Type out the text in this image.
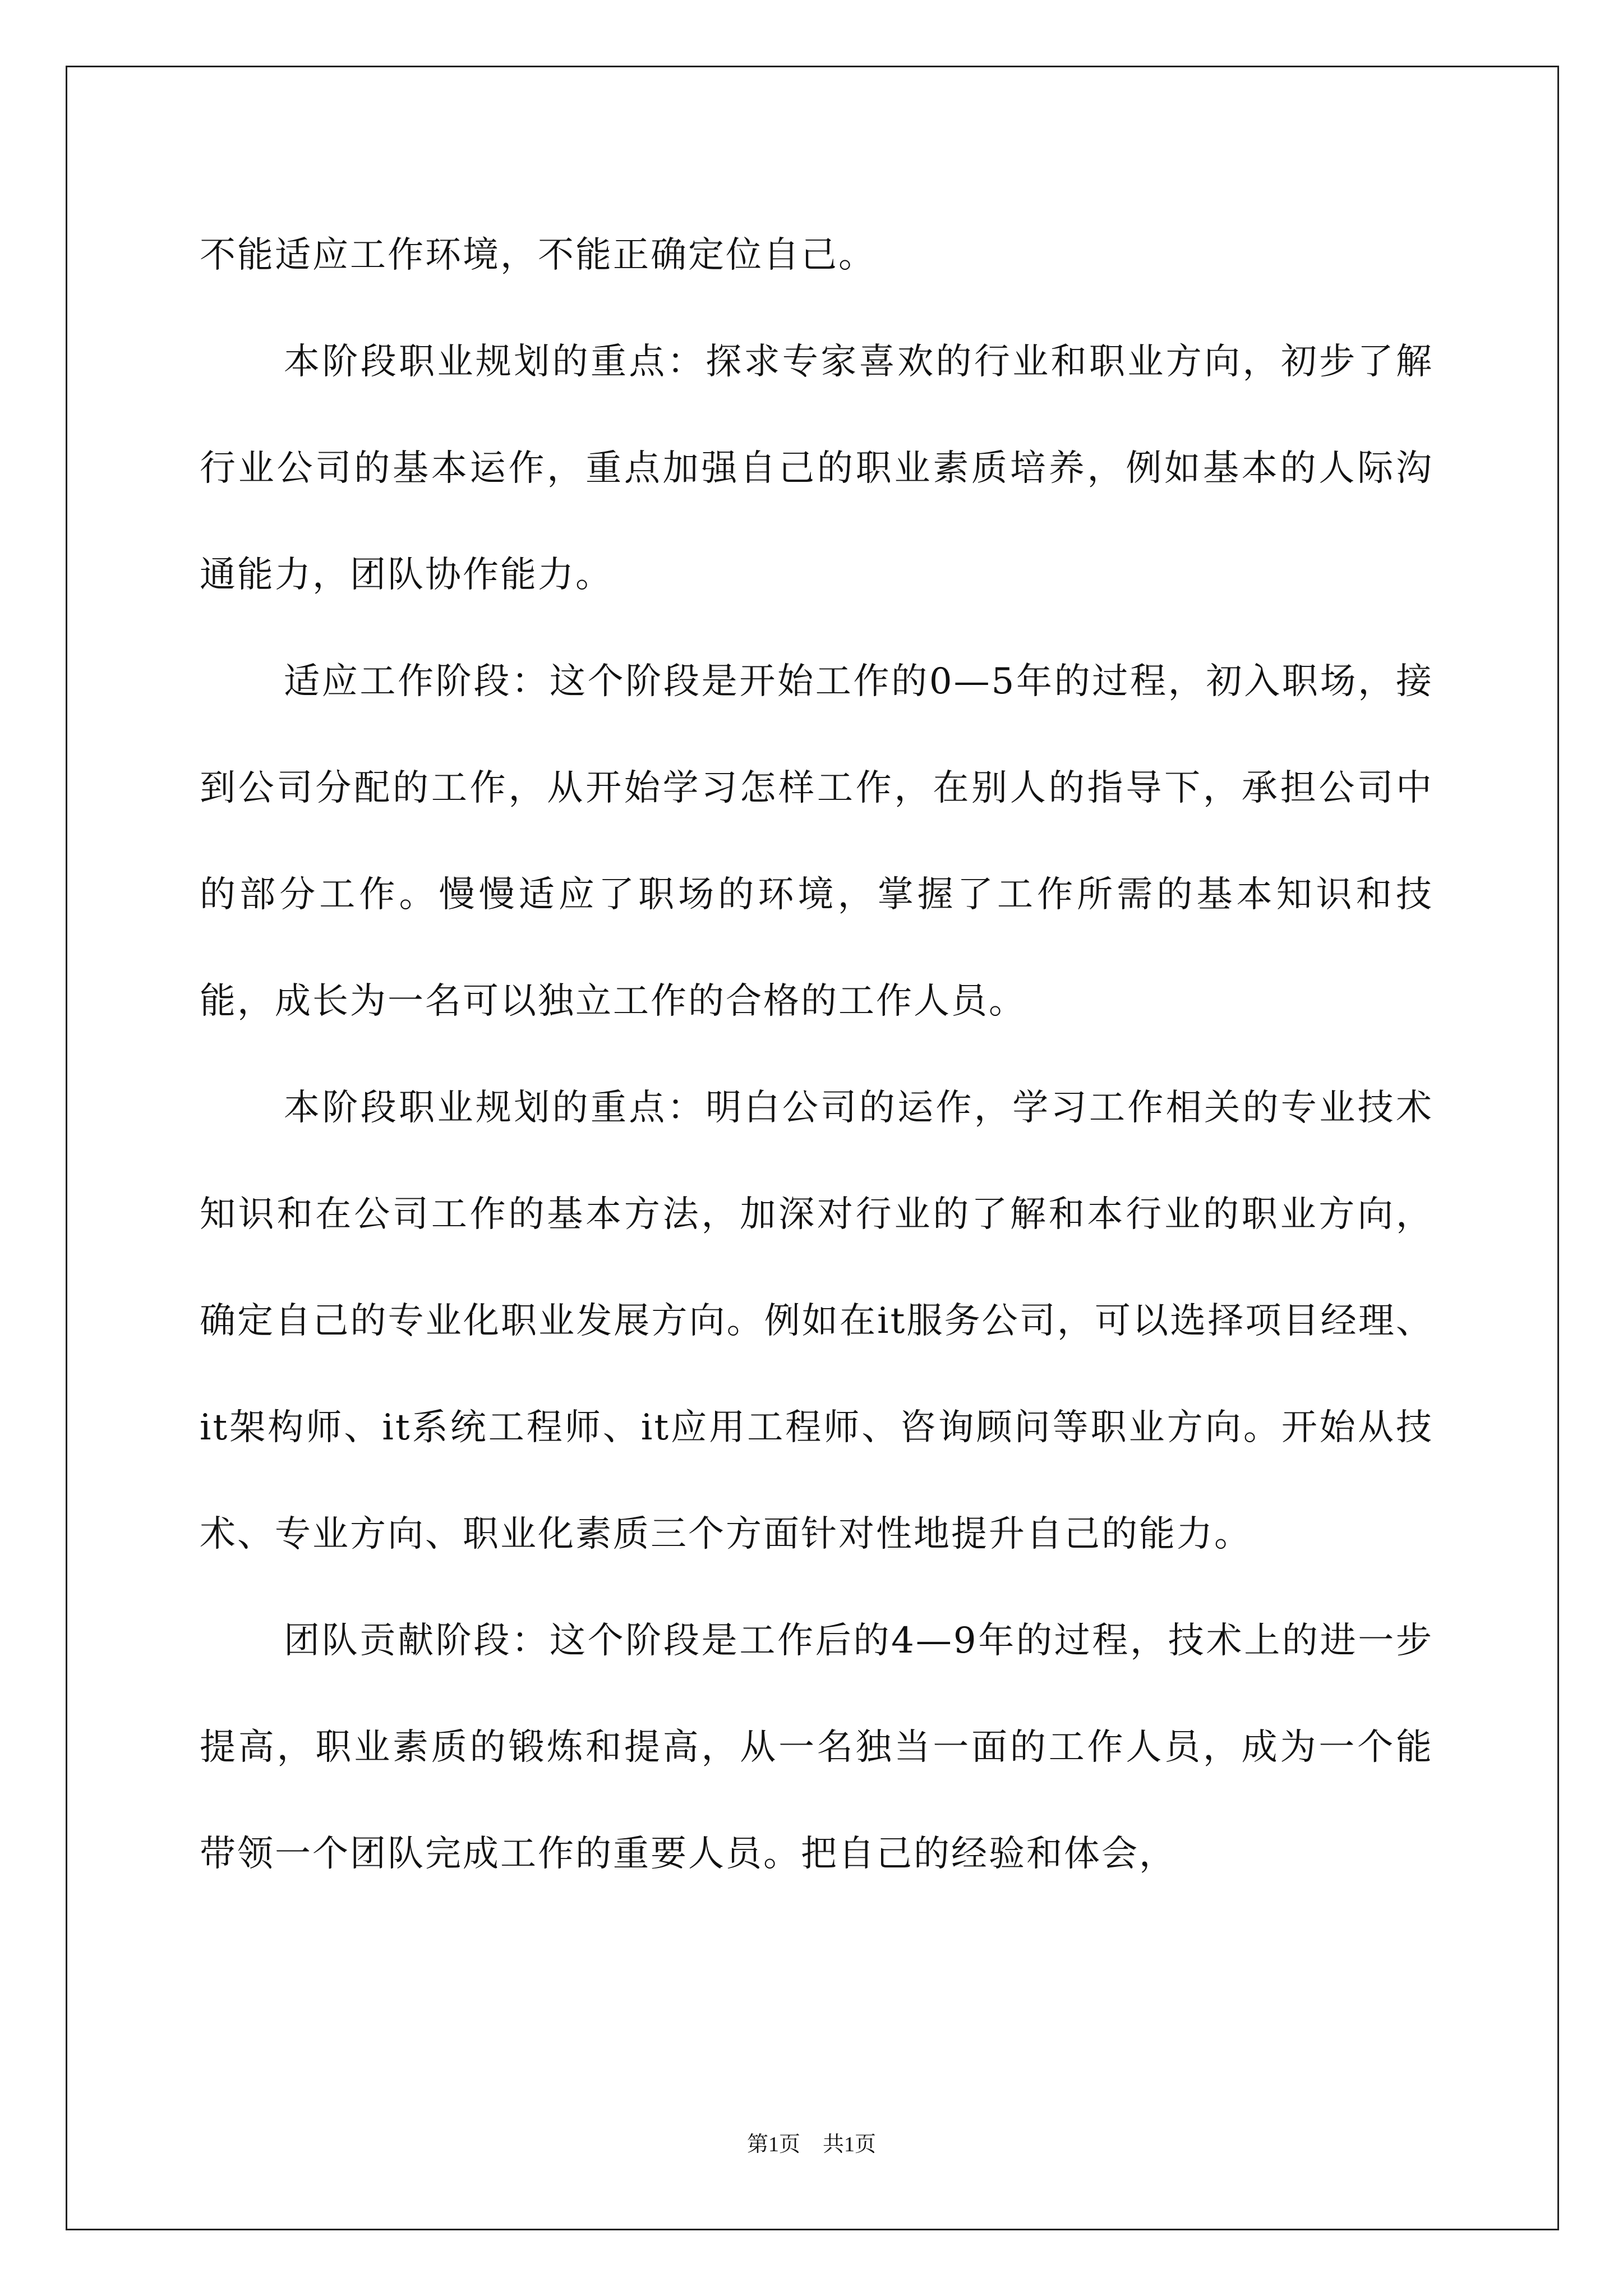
不能适应工作环境，不能正确定位自己。

本阶段职业规划的重点：探求专家喜欢的行业和职业方向，初步了解行业公司的基本运作，重点加强自己的职业素质培养，例如基本的人际沟通能力，团队协作能力。

适应工作阶段：这个阶段是开始工作的0—5年的过程，初入职场，接到公司分配的工作，从开始学习怎样工作，在别人的指导下，承担公司中的部分工作。慢慢适应了职场的环境，掌握了工作所需的基本知识和技能，成长为一名可以独立工作的合格的工作人员。

本阶段职业规划的重点：明白公司的运作，学习工作相关的专业技术知识和在公司工作的基本方法，加深对行业的了解和本行业的职业方向，确定自己的专业化职业发展方向。例如在it服务公司，可以选择项目经理、it架构师、it系统工程师、it应用工程师、咨询顾问等职业方向。开始从技术、专业方向、职业化素质三个方面针对性地提升自己的能力。

团队贡献阶段：这个阶段是工作后的4—9年的过程，技术上的进一步提高，职业素质的锻炼和提高，从一名独当一面的工作人员，成为一个能带领一个团队完成工作的重要人员。把自己的经验和体会，

第1页 共1页
